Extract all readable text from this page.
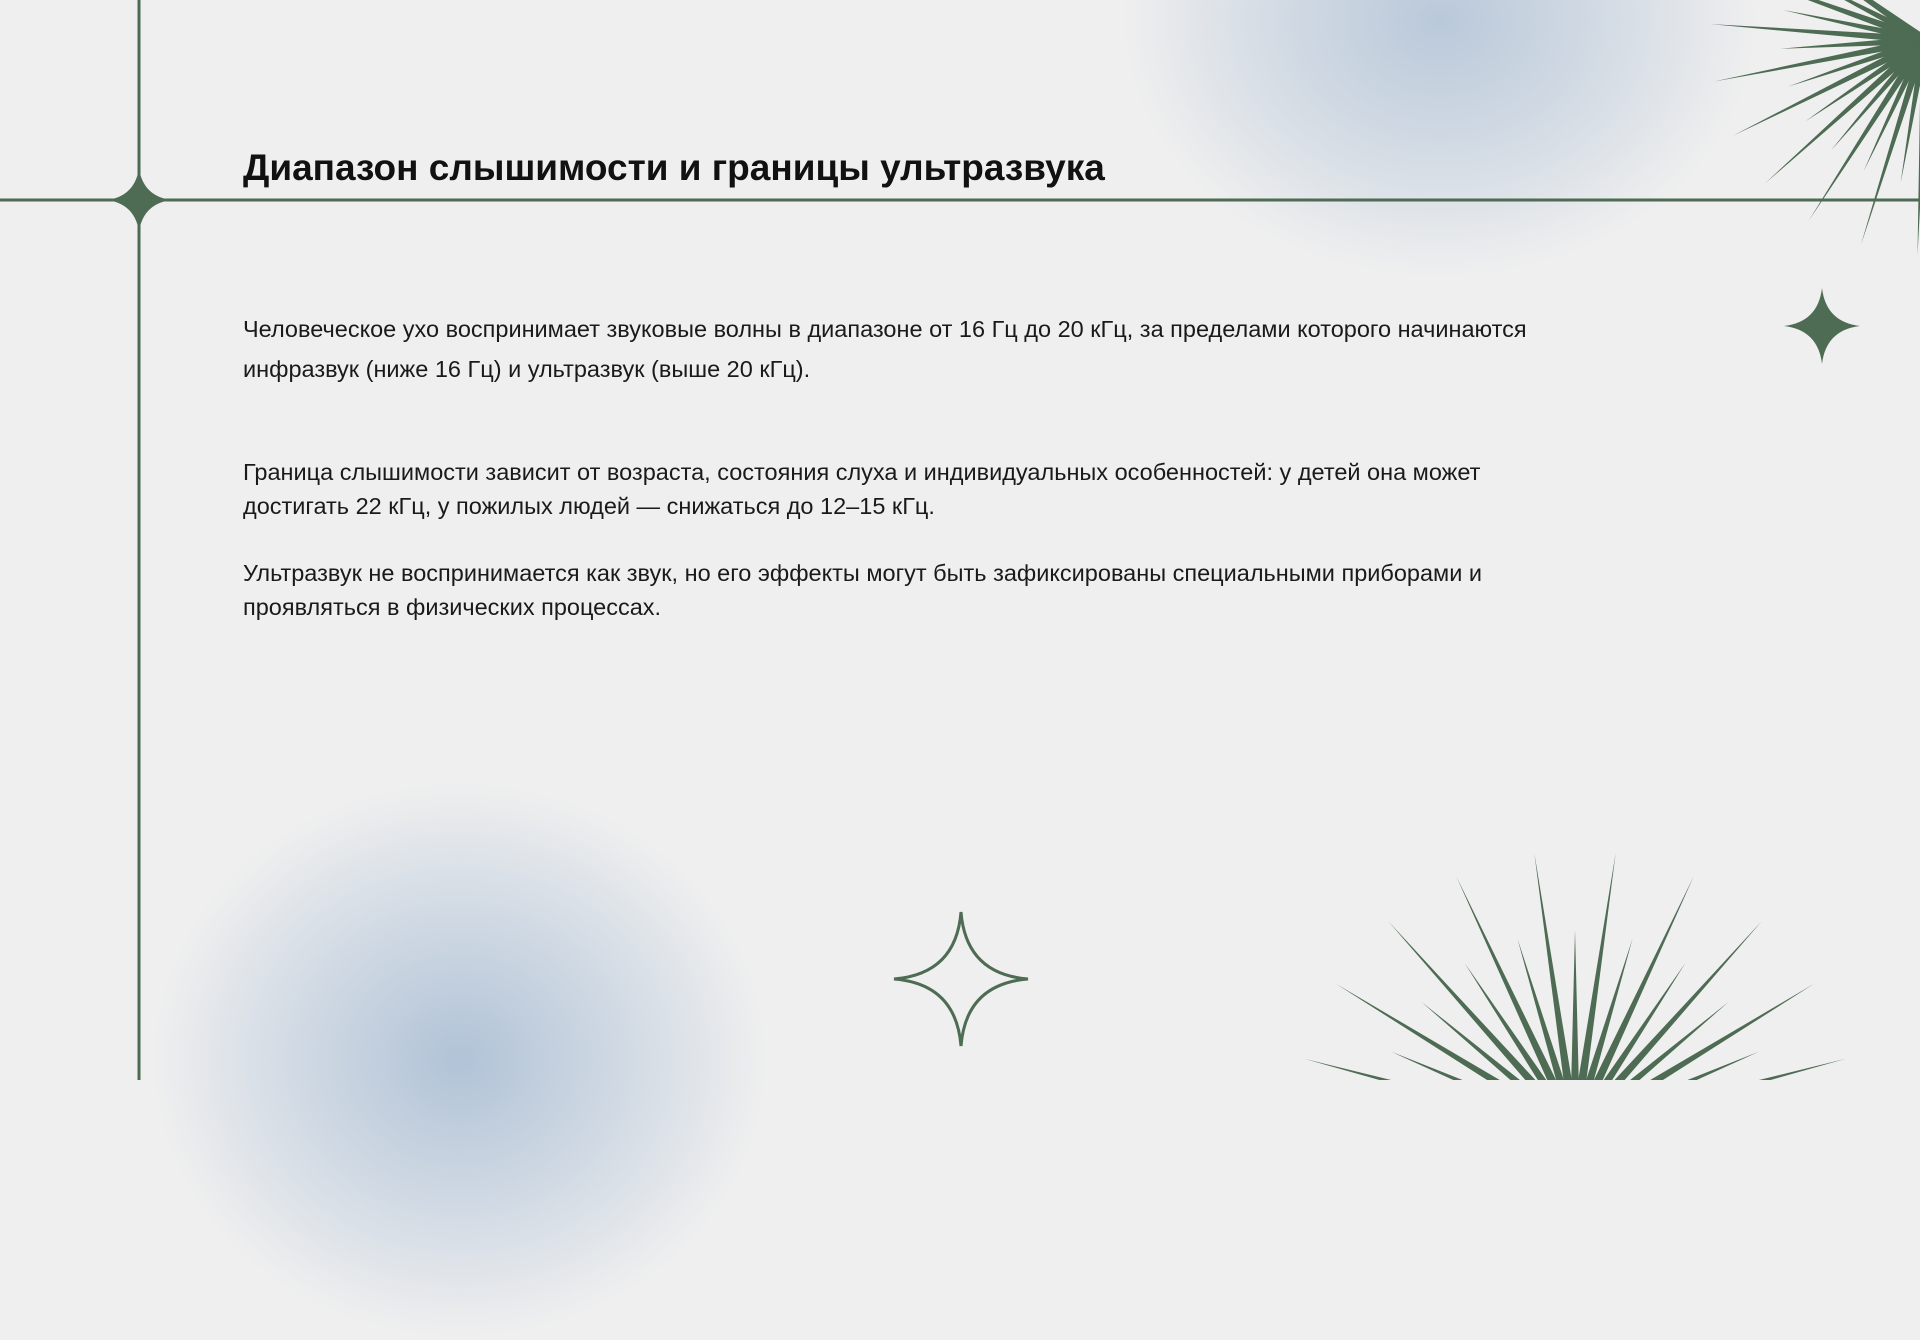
Диапазон слышимости и границы ультразвука

Человеческое ухо воспринимает звуковые волны в диапазоне от 16 Гц до 20 кГц, за пределами которого начинаются инфразвук (ниже 16 Гц) и ультразвук (выше 20 кГц).

Граница слышимости зависит от возраста, состояния слуха и индивидуальных особенностей: у детей она может достигать 22 кГц, у пожилых людей — снижаться до 12–15 кГц.

Ультразвук не воспринимается как звук, но его эффекты могут быть зафиксированы специальными приборами и проявляться в физических процессах.
